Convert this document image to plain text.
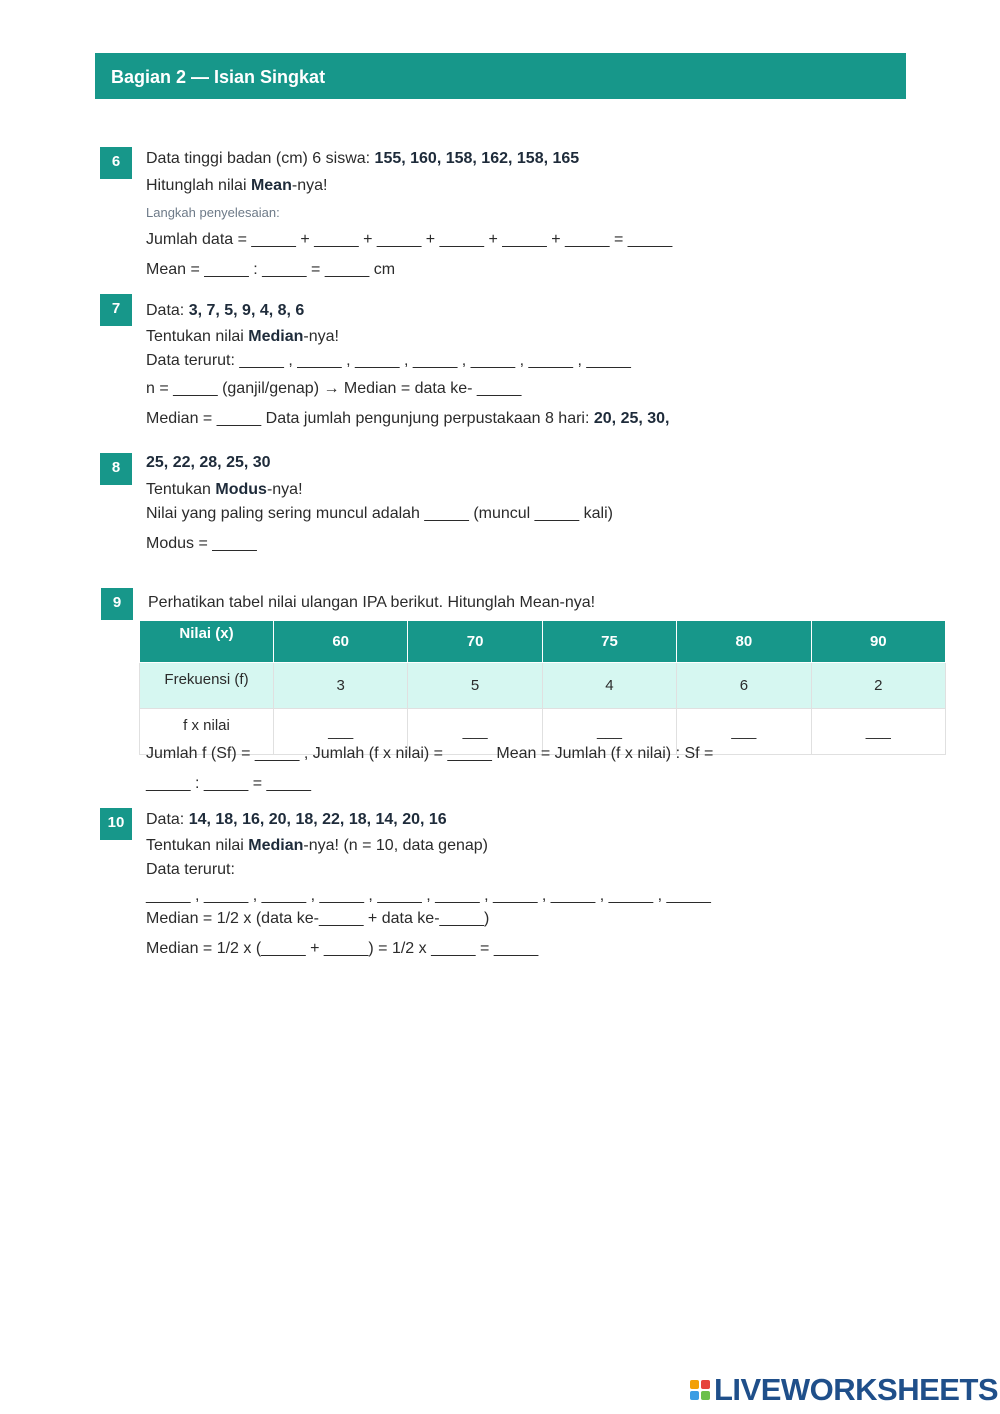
Bagian 2 — Isian Singkat
6	Data tinggi badan (cm) 6 siswa: 155, 160, 158, 162, 158, 165
Hitunglah nilai Mean-nya!
Langkah penyelesaian:
Jumlah data = _____ + _____ + _____ + _____ + _____ + _____ = _____
Mean = _____ : _____ = _____ cm
7	Data: 3, 7, 5, 9, 4, 8, 6
Tentukan nilai Median-nya!
Data terurut: _____ , _____ , _____ , _____ , _____ , _____ , _____
n = _____ (ganjil/genap) → Median = data ke- _____
Median = _____ Data jumlah pengunjung perpustakaan 8 hari: 20, 25, 30,
8	25, 22, 28, 25, 30
Tentukan Modus-nya!
Nilai yang paling sering muncul adalah _____ (muncul _____ kali)
Modus = _____
9	Perhatikan tabel nilai ulangan IPA berikut. Hitunglah Mean-nya!
Nilai (x)	60	70	75	80	90
Frekuensi (f)	3	5	4	6	2
f x nilai	___	___	___	___	___
Jumlah f (Sf) = _____ , Jumlah (f x nilai) = _____ Mean = Jumlah (f x nilai) : Sf =
_____ : _____ = _____
10	Data: 14, 18, 16, 20, 18, 22, 18, 14, 20, 16
Tentukan nilai Median-nya! (n = 10, data genap)
Data terurut:
_____ , _____ , _____ , _____ , _____ , _____ , _____ , _____ , _____ , _____
Median = 1/2 x (data ke-_____ + data ke-_____)
Median = 1/2 x (_____ + _____) = 1/2 x _____ = _____
LIVEWORKSHEETS
